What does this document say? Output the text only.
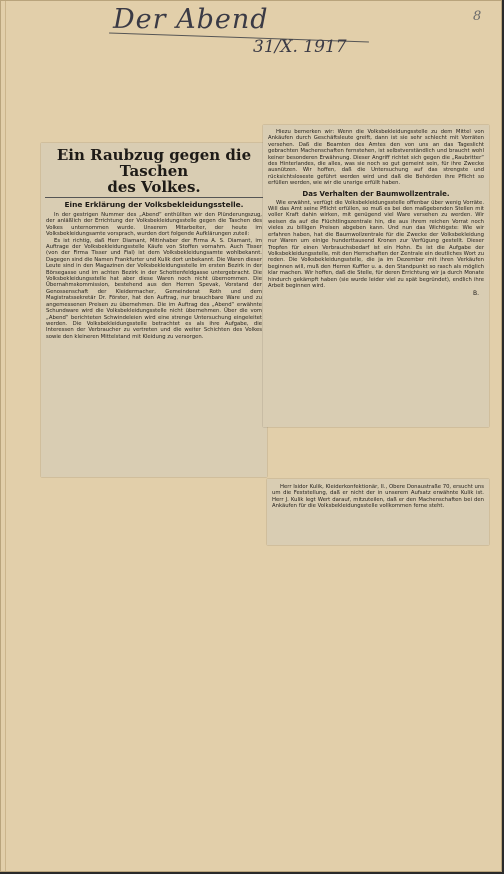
Der Abend
31/X. 1917
8
Ein Raubzug gegen die Taschen
des Volkes.
Eine Erklärung der Volksbekleidungsstelle.

In der gestrigen Nummer des „Abend“ enthüllten wir den Plünderungszug, der anläßlich der Errichtung der Volksbekleidungsstelle gegen die Taschen des Volkes unternommen wurde. Unserem Mitarbeiter, der heute im Volksbekleidungsamte vorsprach, wurden dort folgende Aufklärungen zuteil:

Es ist richtig, daß Herr Diamant, Mitinhaber der Firma A. S. Diamant, im Auftrage der Volksbekleidungsstelle Käufe von Stoffen vornahm. Auch Tisser (von der Firma Tisser und Fial) ist dem Volksbekleidungsamte wohlbekannt. Dagegen sind die Namen Frankfurter und Kulik dort unbekannt. Die Waren dieser Leute sind in den Magazinen der Volksbekleidungsstelle im ersten Bezirk in der Börsegasse und im achten Bezirk in der Schottenfeldgasse untergebracht. Die Volksbekleidungsstelle hat aber diese Waren noch nicht übernommen. Die Übernahmskommission, bestehend aus den Herren Spevak, Vorstand der Genossenschaft der Kleidermacher, Gemeinderat Roth und dem Magistratssekretär Dr. Förster, hat den Auftrag, nur brauchbare Ware und zu angemessenen Preisen zu übernehmen. Die im Auftrag des „Abend“ erwähnte Schundware wird die Volksbekleidungsstelle nicht übernehmen. Über die vom „Abend“ berichteten Schwindeleien wird eine strenge Untersuchung eingeleitet werden. Die Volksbekleidungsstelle betrachtet es als ihre Aufgabe, die Interessen der Verbraucher zu vertreten und die weiter Schichten des Volkes sowie den kleineren Mittelstand mit Kleidung zu versorgen.

Hiezu bemerken wir: Wenn die Volksbekleidungsstelle zu dem Mittel von Ankäufen durch Geschäftsleute greift, dann ist sie sehr schlecht mit Vorräten versehen. Daß die Beamten des Amtes den von uns an das Tageslicht gebrachten Machenschaften fernstehen, ist selbstverständlich und braucht wohl keiner besonderen Erwähnung. Dieser Angriff richtet sich gegen die „Raubritter“ des Hinterlandes, die alles, was sie noch so gut gemeint sein, für ihre Zwecke ausnützen. Wir hoffen, daß die Untersuchung auf das strengste und rücksichtsloseste geführt werden wird und daß die Behörden ihre Pflicht so erfüllen werden, wie wir die unsrige erfüllt haben.

Das Verhalten der Baumwollzentrale.

Wie erwähnt, verfügt die Volksbekleidungsstelle offenbar über wenig Vorräte. Will das Amt seine Pflicht erfüllen, so muß es bei den maßgebenden Stellen mit voller Kraft dahin wirken, mit genügend viel Ware versehen zu werden. Wir weisen da auf die Flüchtlingszentrale hin, die aus ihrem reichen Vorrat noch vieles zu billigen Preisen abgeben kann. Und nun das Wichtigste: Wie wir erfahren haben, hat die Baumwollzentrale für die Zwecke der Volksbekleidung nur Waren um einige hunderttausend Kronen zur Verfügung gestellt. Dieser Tropfen für einen Verbrauchsbedarf ist ein Hohn. Es ist die Aufgabe der Volksbekleidungsstelle, mit den Herrschaften der Zentrale ein deutliches Wort zu reden. Die Volksbekleidungsstelle, die ja im Dezember mit ihren Verkäufen beginnen will, muß den Herren Kuffler u. a. den Standpunkt so rasch als möglich klar machen. Wir hoffen, daß die Stelle, für deren Errichtung wir ja durch Monate hindurch gekämpft haben (sie wurde leider viel zu spät begründet), endlich ihre Arbeit beginnen wird.

B.

Herr Isidor Kulik, Kleiderkonfektionär, II., Obere Donaustraße 70, ersucht uns um die Feststellung, daß er nicht der in unserem Aufsatz erwähnte Kulik ist. Herr J. Kulik legt Wert darauf, mitzuteilen, daß er den Machenschaften bei den Ankäufen für die Volksbekleidungsstelle vollkommen ferne steht.
